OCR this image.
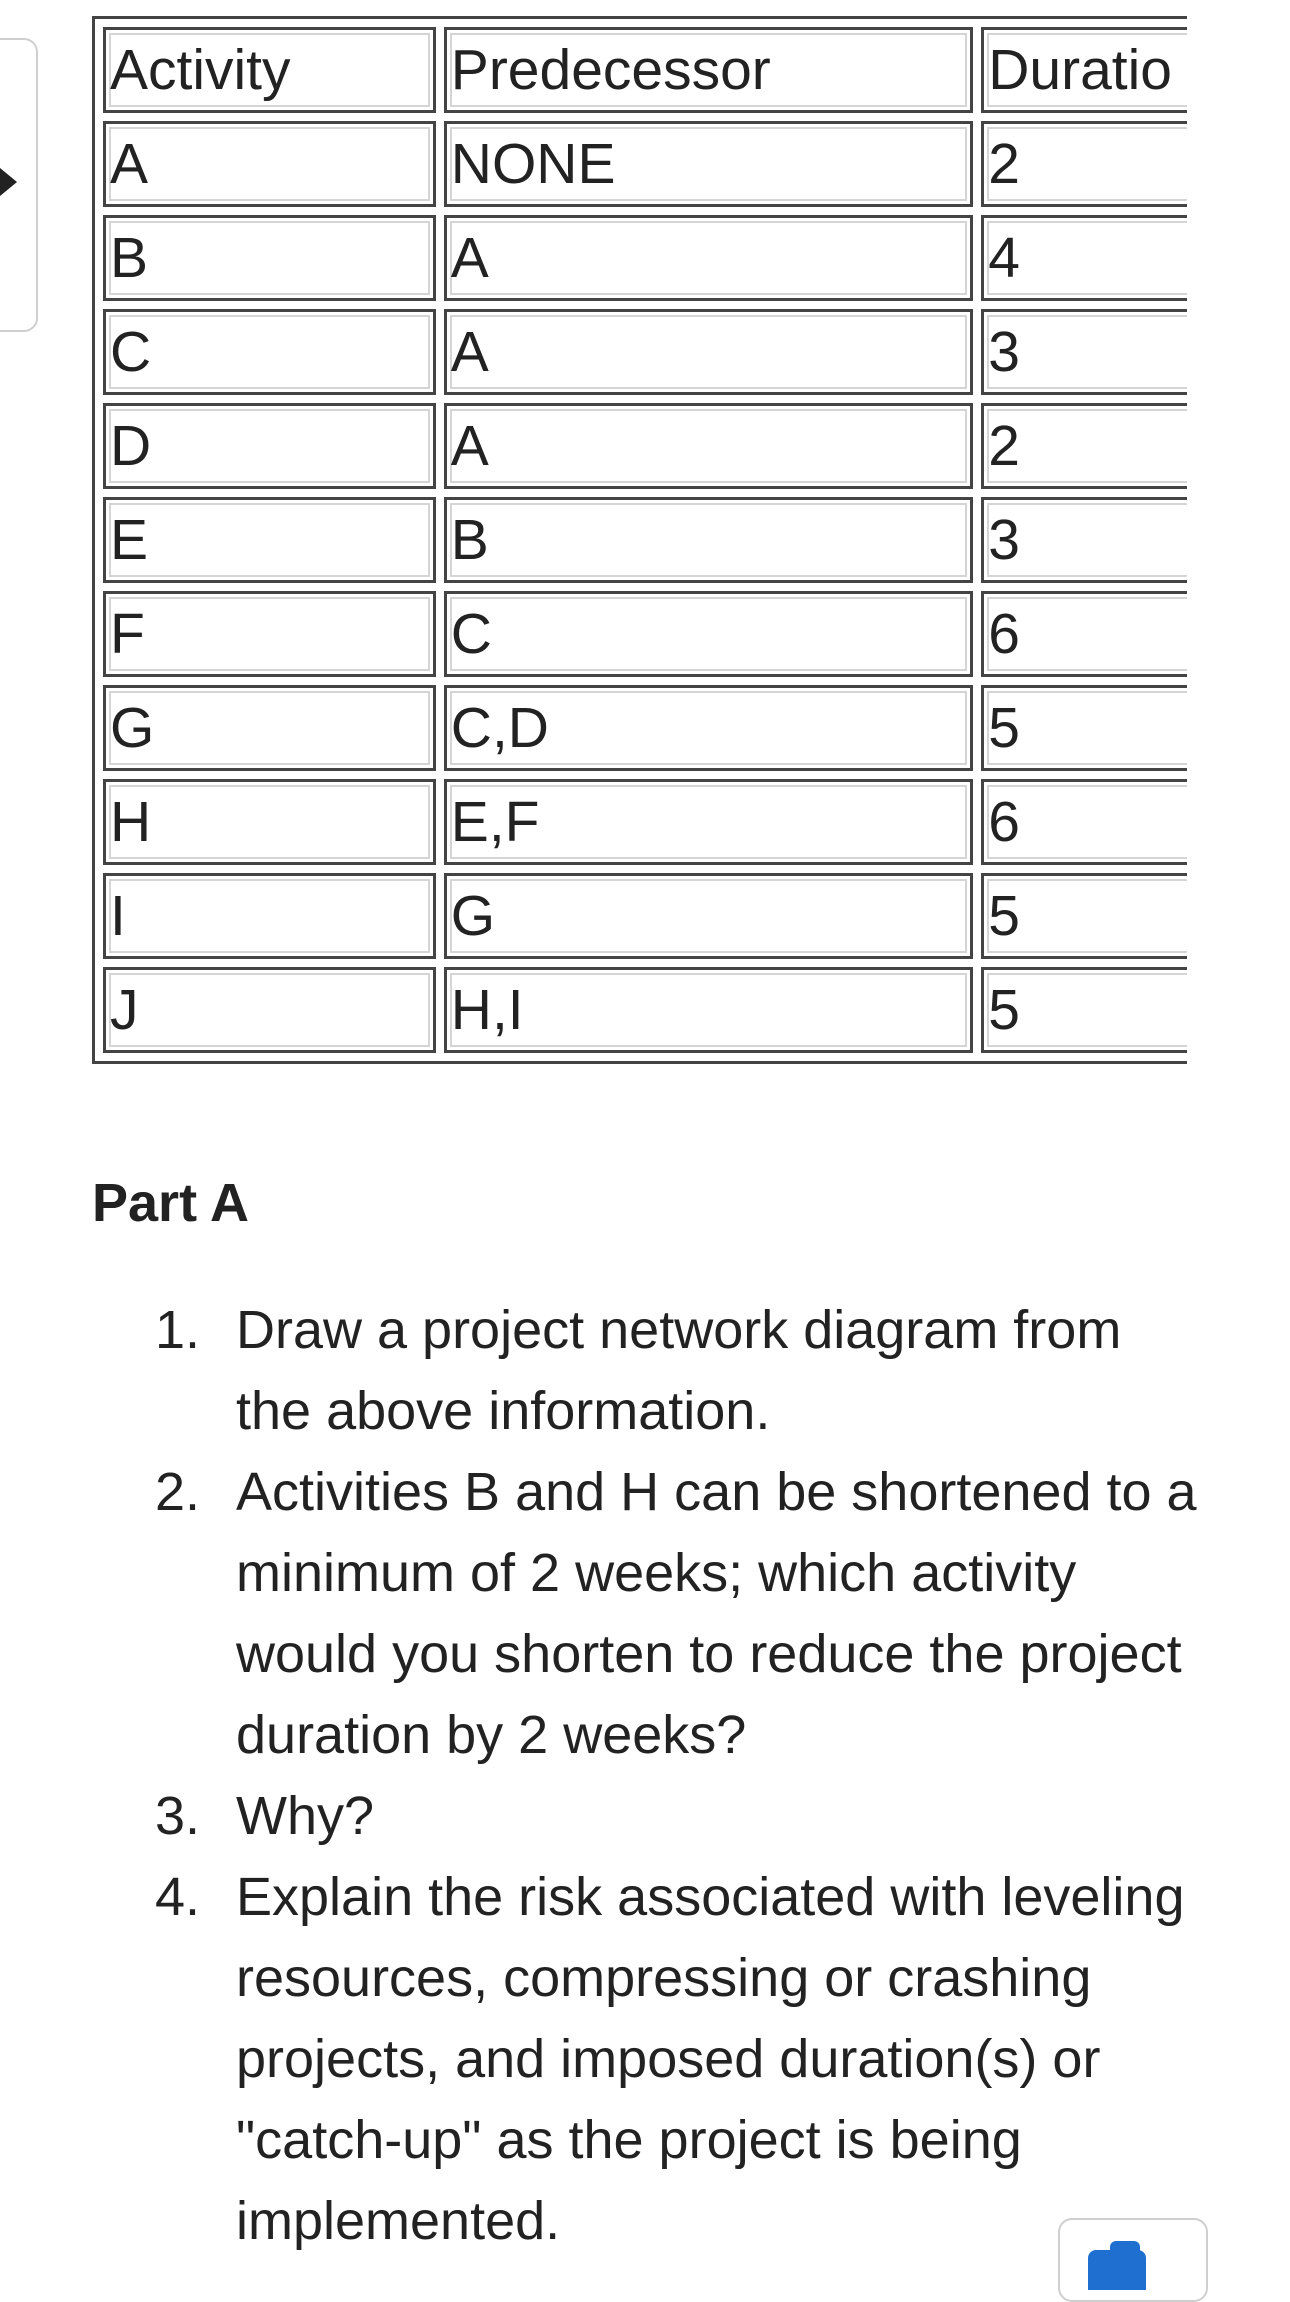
Activity	Predecessor	Duratio
A	NONE	2
B	A	4
C	A	3
D	A	2
E	B	3
F	C	6
G	C,D	5
H	E,F	6
I	G	5
J	H,I	5
Part A
1. Draw a project network diagram from the above information.
2. Activities B and H can be shortened to a minimum of 2 weeks; which activity would you shorten to reduce the project duration by 2 weeks?
3. Why?
4. Explain the risk associated with leveling resources, compressing or crashing projects, and imposed duration(s) or "catch-up" as the project is being implemented.
